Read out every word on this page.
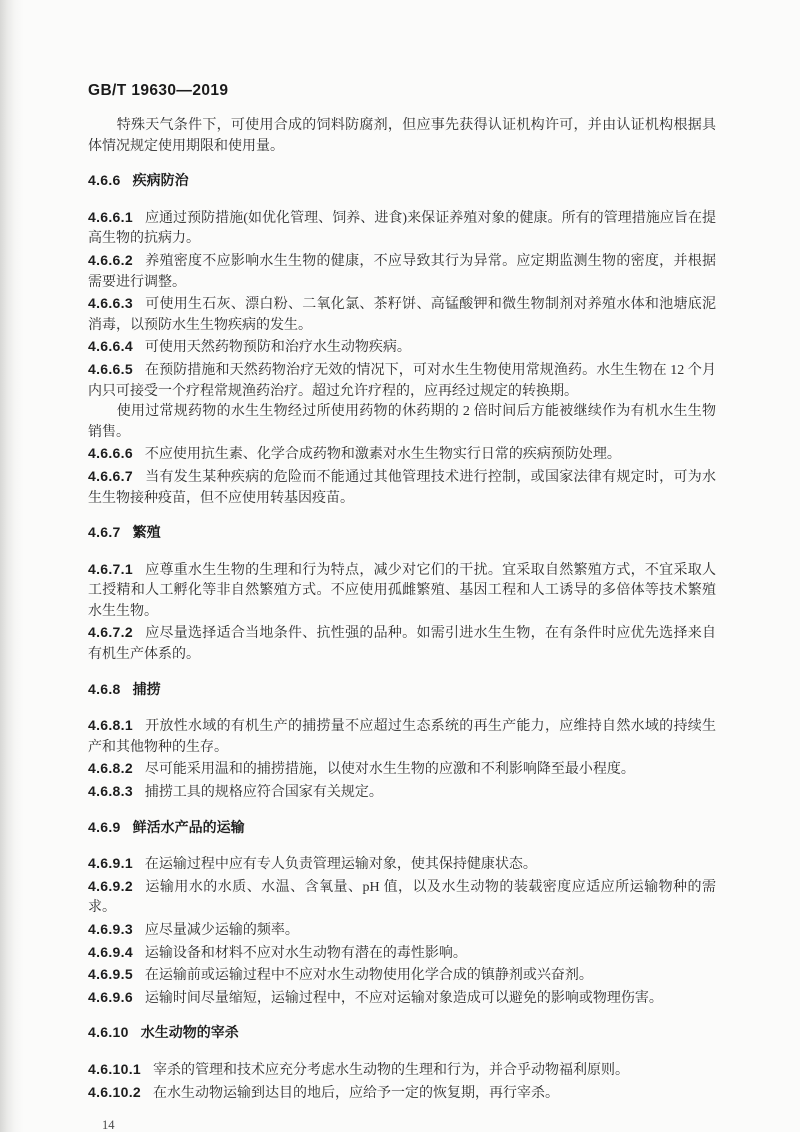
GB/T 19630—2019

特殊天气条件下，可使用合成的饲料防腐剂，但应事先获得认证机构许可，并由认证机构根据具体情况规定使用期限和使用量。

4.6.6 疾病防治

4.6.6.1 应通过预防措施(如优化管理、饲养、进食)来保证养殖对象的健康。所有的管理措施应旨在提高生物的抗病力。

4.6.6.2 养殖密度不应影响水生生物的健康，不应导致其行为异常。应定期监测生物的密度，并根据需要进行调整。

4.6.6.3 可使用生石灰、漂白粉、二氧化氯、茶籽饼、高锰酸钾和微生物制剂对养殖水体和池塘底泥消毒，以预防水生生物疾病的发生。

4.6.6.4 可使用天然药物预防和治疗水生动物疾病。

4.6.6.5 在预防措施和天然药物治疗无效的情况下，可对水生生物使用常规渔药。水生生物在 12 个月内只可接受一个疗程常规渔药治疗。超过允许疗程的，应再经过规定的转换期。

使用过常规药物的水生生物经过所使用药物的休药期的 2 倍时间后方能被继续作为有机水生生物销售。

4.6.6.6 不应使用抗生素、化学合成药物和激素对水生生物实行日常的疾病预防处理。

4.6.6.7 当有发生某种疾病的危险而不能通过其他管理技术进行控制，或国家法律有规定时，可为水生生物接种疫苗，但不应使用转基因疫苗。

4.6.7 繁殖

4.6.7.1 应尊重水生生物的生理和行为特点，减少对它们的干扰。宜采取自然繁殖方式，不宜采取人工授精和人工孵化等非自然繁殖方式。不应使用孤雌繁殖、基因工程和人工诱导的多倍体等技术繁殖水生生物。

4.6.7.2 应尽量选择适合当地条件、抗性强的品种。如需引进水生生物，在有条件时应优先选择来自有机生产体系的。

4.6.8 捕捞

4.6.8.1 开放性水域的有机生产的捕捞量不应超过生态系统的再生产能力，应维持自然水域的持续生产和其他物种的生存。

4.6.8.2 尽可能采用温和的捕捞措施，以使对水生生物的应激和不利影响降至最小程度。

4.6.8.3 捕捞工具的规格应符合国家有关规定。

4.6.9 鲜活水产品的运输

4.6.9.1 在运输过程中应有专人负责管理运输对象，使其保持健康状态。

4.6.9.2 运输用水的水质、水温、含氧量、pH 值，以及水生动物的装载密度应适应所运输物种的需求。

4.6.9.3 应尽量减少运输的频率。

4.6.9.4 运输设备和材料不应对水生动物有潜在的毒性影响。

4.6.9.5 在运输前或运输过程中不应对水生动物使用化学合成的镇静剂或兴奋剂。

4.6.9.6 运输时间尽量缩短，运输过程中，不应对运输对象造成可以避免的影响或物理伤害。

4.6.10 水生动物的宰杀

4.6.10.1 宰杀的管理和技术应充分考虑水生动物的生理和行为，并合乎动物福利原则。

4.6.10.2 在水生动物运输到达目的地后，应给予一定的恢复期，再行宰杀。

14
